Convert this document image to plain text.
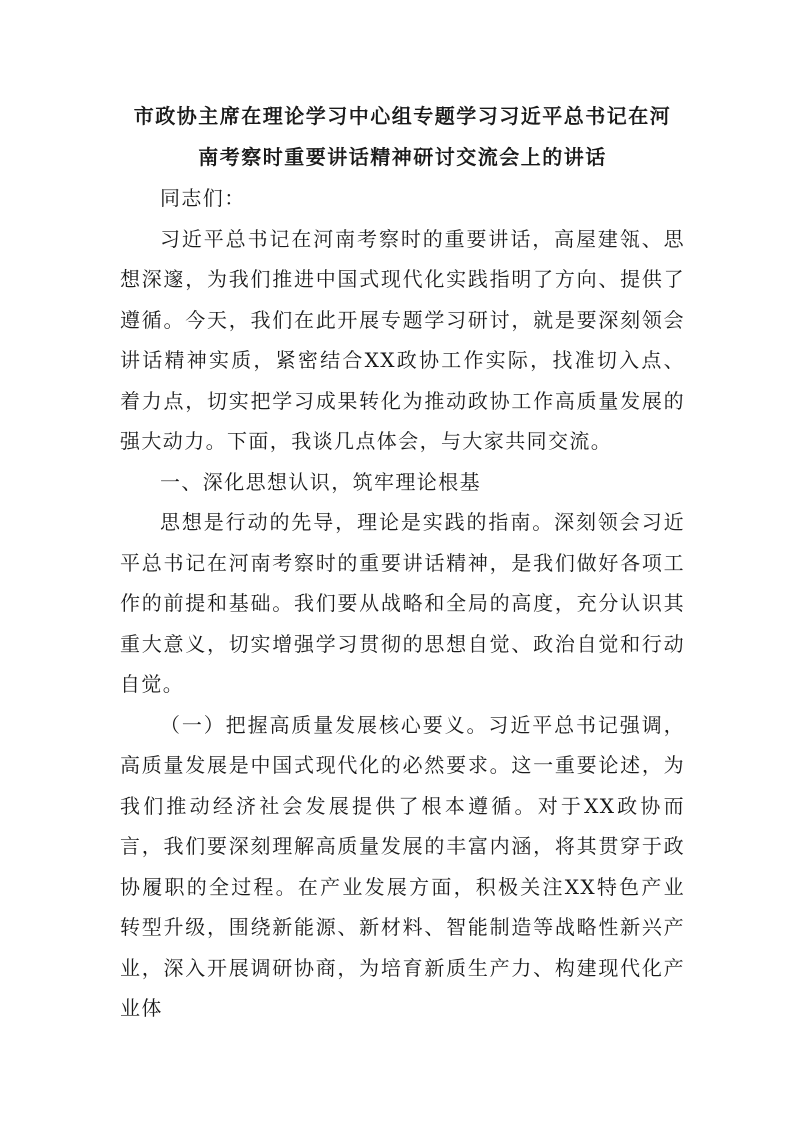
市政协主席在理论学习中心组专题学习习近平总书记在河
南考察时重要讲话精神研讨交流会上的讲话

同志们：

习近平总书记在河南考察时的重要讲话，高屋建瓴、思想深邃，为我们推进中国式现代化实践指明了方向、提供了遵循。今天，我们在此开展专题学习研讨，就是要深刻领会讲话精神实质，紧密结合XX政协工作实际，找准切入点、着力点，切实把学习成果转化为推动政协工作高质量发展的强大动力。下面，我谈几点体会，与大家共同交流。

一、深化思想认识，筑牢理论根基

思想是行动的先导，理论是实践的指南。深刻领会习近平总书记在河南考察时的重要讲话精神，是我们做好各项工作的前提和基础。我们要从战略和全局的高度，充分认识其重大意义，切实增强学习贯彻的思想自觉、政治自觉和行动自觉。

（一）把握高质量发展核心要义。习近平总书记强调，高质量发展是中国式现代化的必然要求。这一重要论述，为我们推动经济社会发展提供了根本遵循。对于XX政协而言，我们要深刻理解高质量发展的丰富内涵，将其贯穿于政协履职的全过程。在产业发展方面，积极关注XX特色产业转型升级，围绕新能源、新材料、智能制造等战略性新兴产业，深入开展调研协商，为培育新质生产力、构建现代化产业体
